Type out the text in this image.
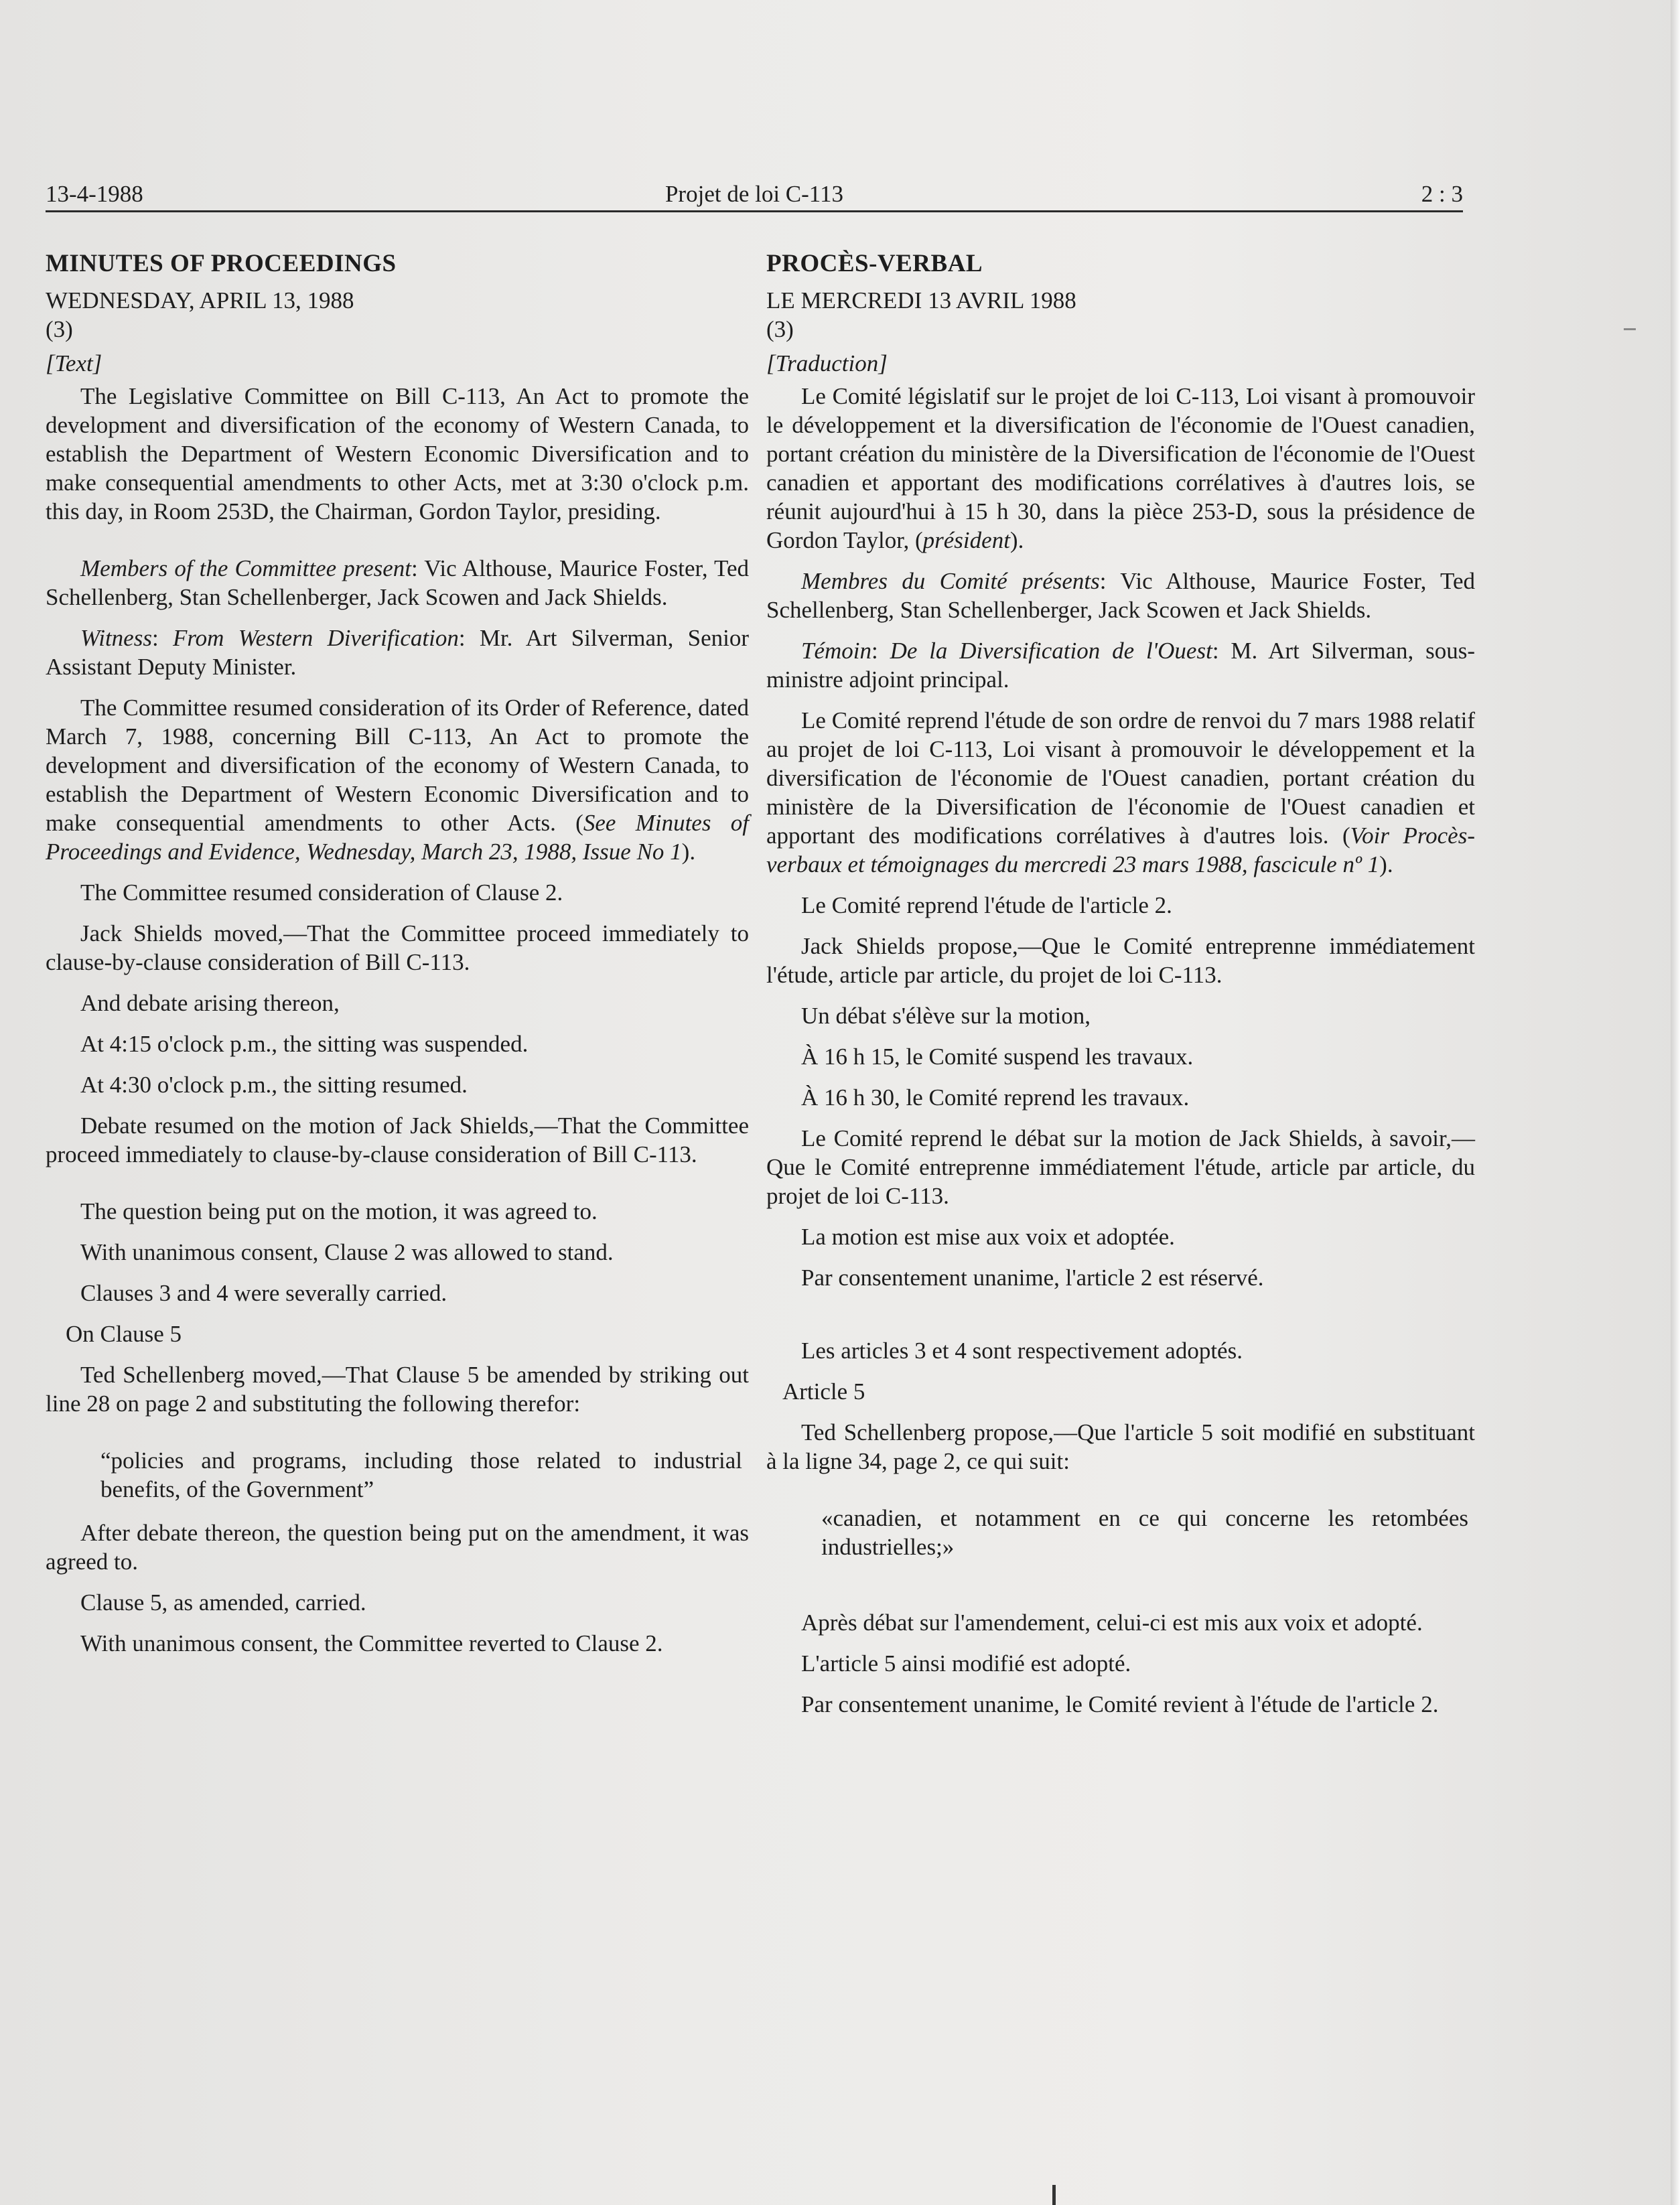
Projet de loi C-113
13-4-1988	2 : 3

MINUTES OF PROCEEDINGS

WEDNESDAY, APRIL 13, 1988

(3)

[Text]

The Legislative Committee on Bill C-113, An Act to promote the development and diversification of the economy of Western Canada, to establish the Department of Western Economic Diversification and to make consequential amendments to other Acts, met at 3:30 o'clock p.m. this day, in Room 253D, the Chairman, Gordon Taylor, presiding.

Members of the Committee present: Vic Althouse, Maurice Foster, Ted Schellenberg, Stan Schellenberger, Jack Scowen and Jack Shields.

Witness: From Western Diverification: Mr. Art Silverman, Senior Assistant Deputy Minister.

The Committee resumed consideration of its Order of Reference, dated March 7, 1988, concerning Bill C-113, An Act to promote the development and diversification of the economy of Western Canada, to establish the Department of Western Economic Diversification and to make consequential amendments to other Acts. (See Minutes of Proceedings and Evidence, Wednesday, March 23, 1988, Issue No 1).

The Committee resumed consideration of Clause 2.

Jack Shields moved,—That the Committee proceed immediately to clause-by-clause consideration of Bill C-113.

And debate arising thereon,

At 4:15 o'clock p.m., the sitting was suspended.

At 4:30 o'clock p.m., the sitting resumed.

Debate resumed on the motion of Jack Shields,—That the Committee proceed immediately to clause-by-clause consideration of Bill C-113.

The question being put on the motion, it was agreed to.

With unanimous consent, Clause 2 was allowed to stand.

Clauses 3 and 4 were severally carried.

On Clause 5

Ted Schellenberg moved,—That Clause 5 be amended by striking out line 28 on page 2 and substituting the following therefor:

“policies and programs, including those related to industrial benefits, of the Government”

After debate thereon, the question being put on the amendment, it was agreed to.

Clause 5, as amended, carried.

With unanimous consent, the Committee reverted to Clause 2.

PROCÈS-VERBAL

LE MERCREDI 13 AVRIL 1988

(3)

[Traduction]

Le Comité législatif sur le projet de loi C-113, Loi visant à promouvoir le développement et la diversification de l'économie de l'Ouest canadien, portant création du ministère de la Diversification de l'économie de l'Ouest canadien et apportant des modifications corrélatives à d'autres lois, se réunit aujourd'hui à 15 h 30, dans la pièce 253-D, sous la présidence de Gordon Taylor, (président).

Membres du Comité présents: Vic Althouse, Maurice Foster, Ted Schellenberg, Stan Schellenberger, Jack Scowen et Jack Shields.

Témoin: De la Diversification de l'Ouest: M. Art Silverman, sous-ministre adjoint principal.

Le Comité reprend l'étude de son ordre de renvoi du 7 mars 1988 relatif au projet de loi C-113, Loi visant à promouvoir le développement et la diversification de l'économie de l'Ouest canadien, portant création du ministère de la Diversification de l'économie de l'Ouest canadien et apportant des modifications corrélatives à d'autres lois. (Voir Procès-verbaux et témoignages du mercredi 23 mars 1988, fascicule nº 1).

Le Comité reprend l'étude de l'article 2.

Jack Shields propose,—Que le Comité entreprenne immédiatement l'étude, article par article, du projet de loi C-113.

Un débat s'élève sur la motion,

À 16 h 15, le Comité suspend les travaux.

À 16 h 30, le Comité reprend les travaux.

Le Comité reprend le débat sur la motion de Jack Shields, à savoir,—Que le Comité entreprenne immédiatement l'étude, article par article, du projet de loi C-113.

La motion est mise aux voix et adoptée.

Par consentement unanime, l'article 2 est réservé.

Les articles 3 et 4 sont respectivement adoptés.

Article 5

Ted Schellenberg propose,—Que l'article 5 soit modifié en substituant à la ligne 34, page 2, ce qui suit:

«canadien, et notamment en ce qui concerne les retombées industrielles;»

Après débat sur l'amendement, celui-ci est mis aux voix et adopté.

L'article 5 ainsi modifié est adopté.

Par consentement unanime, le Comité revient à l'étude de l'article 2.
